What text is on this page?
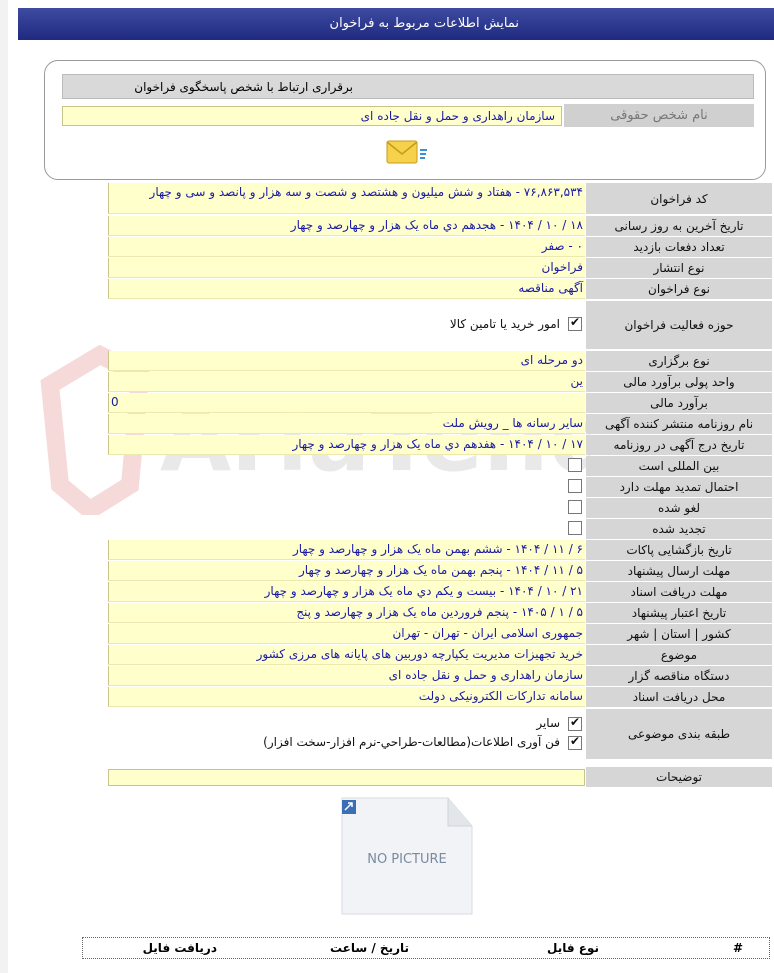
نمایش اطلاعات مربوط به فراخوان
برقراری ارتباط با شخص پاسخگوی فراخوان
نام شخص حقوقی
سازمان راهداری و حمل و نقل جاده ای
کد فراخوان
۷۶,۸۶۳,۵۳۴ - هفتاد و شش میلیون و هشتصد و شصت و سه هزار و پانصد و سی و چهار
تاریخ آخرین به روز رسانی
۱۸ / ۱۰ / ۱۴۰۴ - هجدهم دي ماه يک هزار و چهارصد و چهار
تعداد دفعات بازدید
۰ - صفر
نوع انتشار
فراخوان
نوع فراخوان
آگهی مناقصه
حوزه فعالیت فراخوان
✔
امور خرید یا تامین کالا
نوع برگزاری
دو مرحله ای
واحد پولی برآورد مالی
ین
برآورد مالی
0
نام روزنامه منتشر کننده آگهی
سایر رسانه ها _ رویش ملت
تاریخ درج آگهی در روزنامه
۱۷ / ۱۰ / ۱۴۰۴ - هفدهم دي ماه يک هزار و چهارصد و چهار
بین المللی است
احتمال تمدید مهلت دارد
لغو شده
تجدید شده
تاریخ بازگشایی پاکات
۶ / ۱۱ / ۱۴۰۴ - ششم بهمن ماه يک هزار و چهارصد و چهار
مهلت ارسال پیشنهاد
۵ / ۱۱ / ۱۴۰۴ - پنجم بهمن ماه يک هزار و چهارصد و چهار
مهلت دریافت اسناد
۲۱ / ۱۰ / ۱۴۰۴ - بیست و یکم دي ماه يک هزار و چهارصد و چهار
تاریخ اعتبار پیشنهاد
۵ / ۱ / ۱۴۰۵ - پنجم فروردین ماه يک هزار و چهارصد و پنج
کشور | استان | شهر
جمهوری اسلامی ایران - تهران - تهران
موضوع
خرید تجهیزات مدیریت یکپارچه دوربین های پایانه های مرزی کشور
دستگاه مناقصه گزار
سازمان راهداری و حمل و نقل جاده ای
محل دریافت اسناد
سامانه تدارکات الکترونیکی دولت
طبقه بندی موضوعی
✔
سایر
✔
فن آوری اطلاعات(مطالعات-طراحي-نرم افزار-سخت افزار)
توضیحات
NO PICTURE
#
نوع فایل
تاریخ / ساعت
دریافت فایل
